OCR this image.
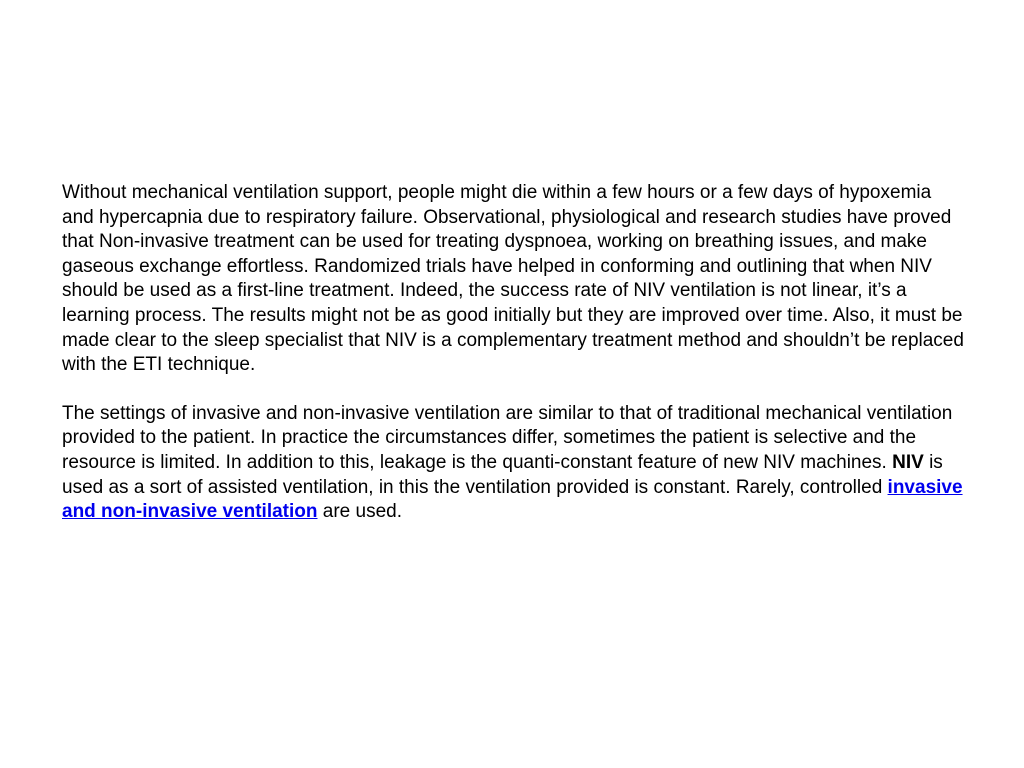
Without mechanical ventilation support, people might die within a few hours or a few days of hypoxemia and hypercapnia due to respiratory failure. Observational, physiological and research studies have proved that Non-invasive treatment can be used for treating dyspnoea, working on breathing issues, and make gaseous exchange effortless. Randomized trials have helped in conforming and outlining that when NIV should be used as a first-line treatment. Indeed, the success rate of NIV ventilation is not linear, it’s a learning process. The results might not be as good initially but they are improved over time. Also, it must be made clear to the sleep specialist that NIV is a complementary treatment method and shouldn’t be replaced with the ETI technique.

The settings of invasive and non-invasive ventilation are similar to that of traditional mechanical ventilation provided to the patient. In practice the circumstances differ, sometimes the patient is selective and the resource is limited. In addition to this, leakage is the quanti-constant feature of new NIV machines. NIV is used as a sort of assisted ventilation, in this the ventilation provided is constant. Rarely, controlled invasive and non-invasive ventilation are used.
